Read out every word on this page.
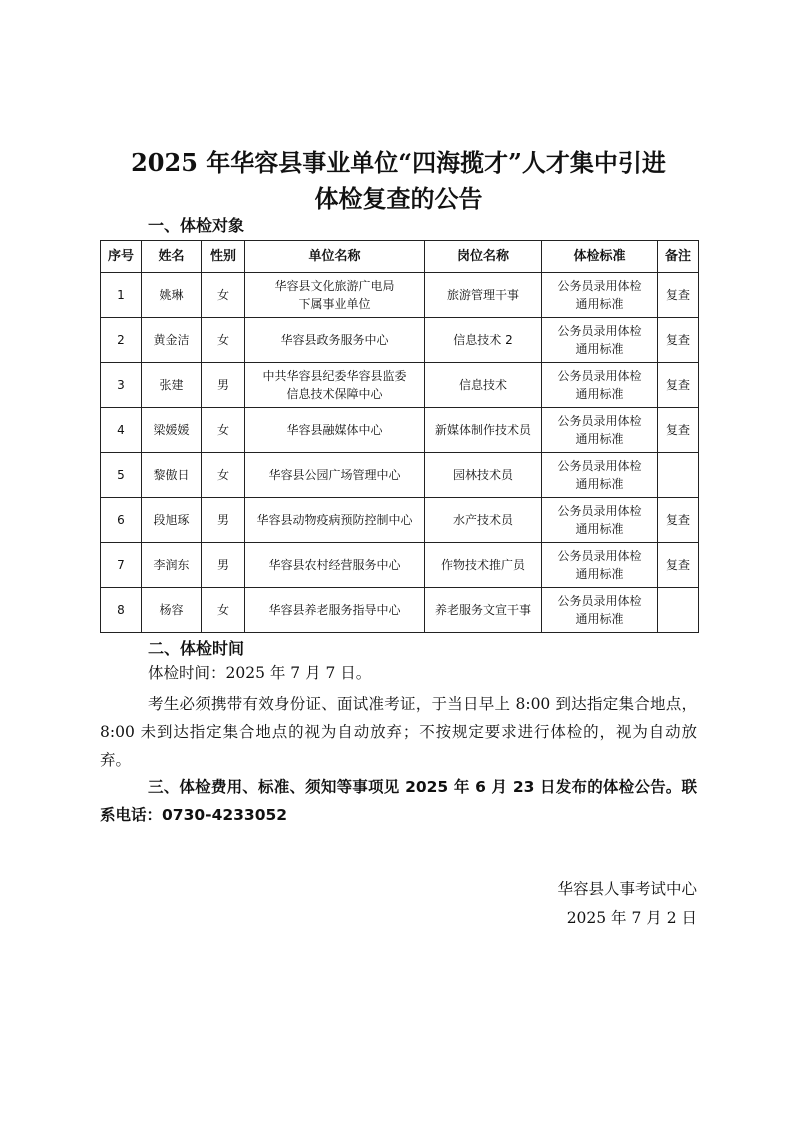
2025 年华容县事业单位“四海揽才”人才集中引进
体检复查的公告
一、体检对象
序号	姓名	性别	单位名称	岗位名称	体检标准	备注
1	姚琳	女	华容县文化旅游广电局
下属事业单位	旅游管理干事	公务员录用体检
通用标准	复查
2	黄金洁	女	华容县政务服务中心	信息技术 2	公务员录用体检
通用标准	复查
3	张建	男	中共华容县纪委华容县监委
信息技术保障中心	信息技术	公务员录用体检
通用标准	复查
4	梁媛媛	女	华容县融媒体中心	新媒体制作技术员	公务员录用体检
通用标准	复查
5	黎傲日	女	华容县公园广场管理中心	园林技术员	公务员录用体检
通用标准	

6	段旭琢	男	华容县动物疫病预防控制中心	水产技术员	公务员录用体检
通用标准	复查
7	李润东	男	华容县农村经营服务中心	作物技术推广员	公务员录用体检
通用标准	复查
8	杨容	女	华容县养老服务指导中心	养老服务文宣干事	公务员录用体检
通用标准	

二、体检时间
体检时间：2025 年 7 月 7 日。
考生必须携带有效身份证、面试准考证，于当日早上 8:00 到达指定集合地点，8:00 未到达指定集合地点的视为自动放弃；不按规定要求进行体检的，视为自动放弃。
三、体检费用、标准、须知等事项见 2025 年 6 月 23 日发布的体检公告。联系电话：0730-4233052
华容县人事考试中心
2025 年 7 月 2 日
